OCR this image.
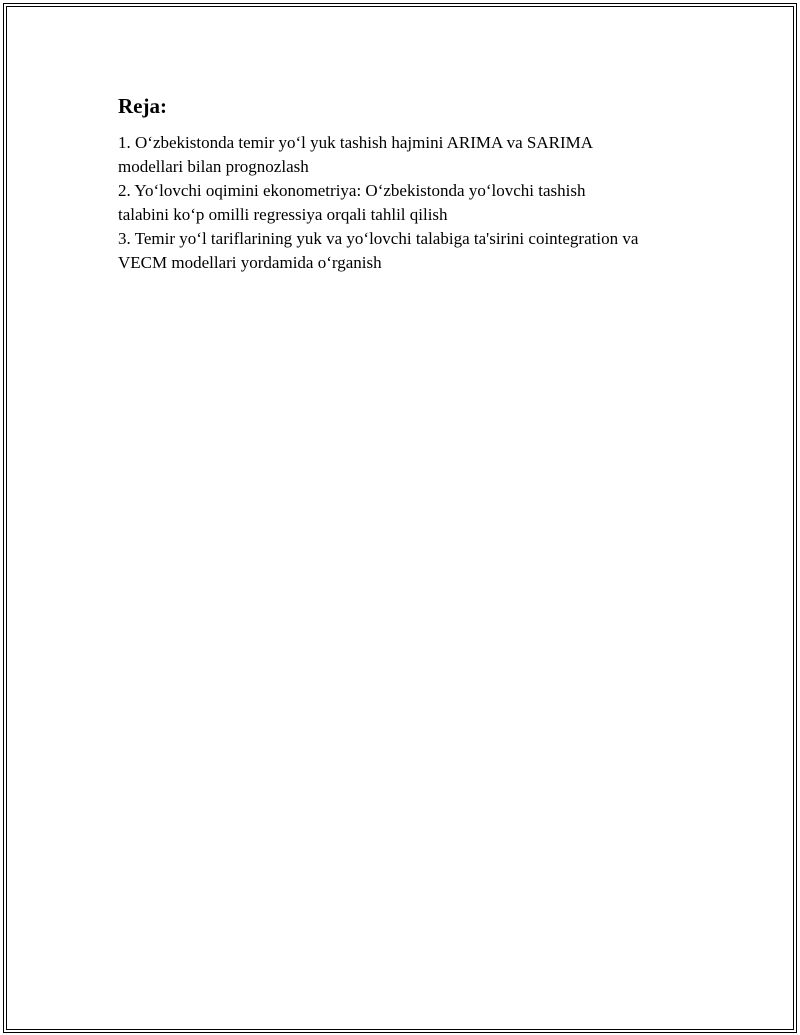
Reja:
1. O‘zbekistonda temir yo‘l yuk tashish hajmini ARIMA va SARIMA
modellari bilan prognozlash
2. Yo‘lovchi oqimini ekonometriya: O‘zbekistonda yo‘lovchi tashish
talabini ko‘p omilli regressiya orqali tahlil qilish
3. Temir yo‘l tariflarining yuk va yo‘lovchi talabiga ta'sirini cointegration va
VECM modellari yordamida o‘rganish
